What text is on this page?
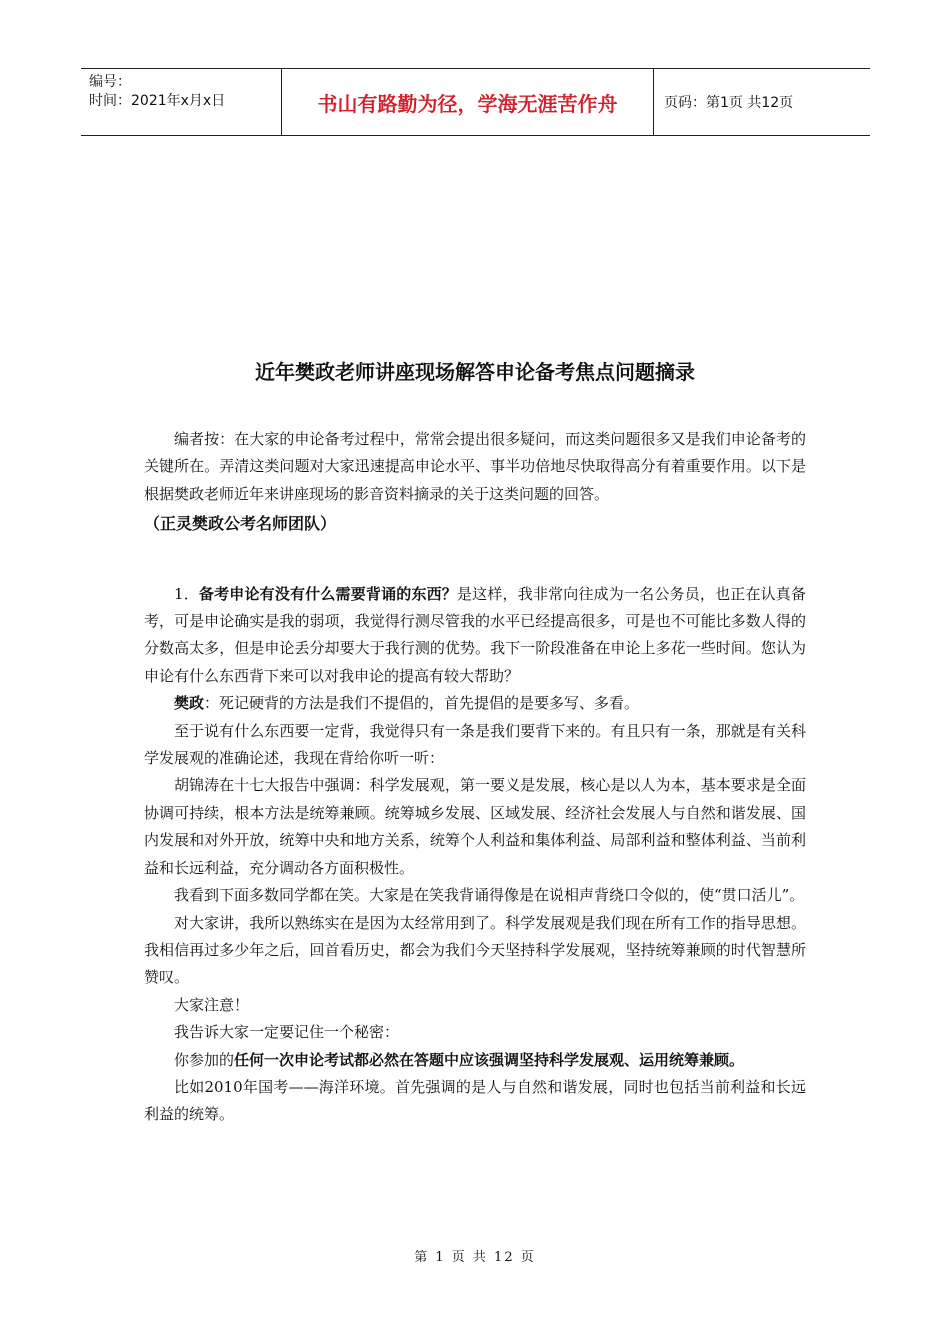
编号：
时间：2021年x月x日	书山有路勤为径，学海无涯苦作舟	页码：第1页 共12页
近年樊政老师讲座现场解答申论备考焦点问题摘录

编者按：在大家的申论备考过程中，常常会提出很多疑问，而这类问题很多又是我们申论备考的关键所在。弄清这类问题对大家迅速提高申论水平、事半功倍地尽快取得高分有着重要作用。以下是根据樊政老师近年来讲座现场的影音资料摘录的关于这类问题的回答。

（正灵樊政公考名师团队）

1．备考申论有没有什么需要背诵的东西？是这样，我非常向往成为一名公务员，也正在认真备考，可是申论确实是我的弱项，我觉得行测尽管我的水平已经提高很多，可是也不可能比多数人得的分数高太多，但是申论丢分却要大于我行测的优势。我下一阶段准备在申论上多花一些时间。您认为申论有什么东西背下来可以对我申论的提高有较大帮助？

樊政：死记硬背的方法是我们不提倡的，首先提倡的是要多写、多看。

至于说有什么东西要一定背，我觉得只有一条是我们要背下来的。有且只有一条，那就是有关科学发展观的准确论述，我现在背给你听一听：

胡锦涛在十七大报告中强调：科学发展观，第一要义是发展，核心是以人为本，基本要求是全面协调可持续，根本方法是统筹兼顾。统筹城乡发展、区域发展、经济社会发展人与自然和谐发展、国内发展和对外开放，统筹中央和地方关系，统筹个人利益和集体利益、局部利益和整体利益、当前利益和长远利益，充分调动各方面积极性。

我看到下面多数同学都在笑。大家是在笑我背诵得像是在说相声背绕口令似的，使“贯口活儿”。

对大家讲，我所以熟练实在是因为太经常用到了。科学发展观是我们现在所有工作的指导思想。我相信再过多少年之后，回首看历史，都会为我们今天坚持科学发展观，坚持统筹兼顾的时代智慧所赞叹。

大家注意！

我告诉大家一定要记住一个秘密：

你参加的任何一次申论考试都必然在答题中应该强调坚持科学发展观、运用统筹兼顾。

比如2010年国考——海洋环境。首先强调的是人与自然和谐发展，同时也包括当前利益和长远利益的统筹。

第 1 页 共 12 页
